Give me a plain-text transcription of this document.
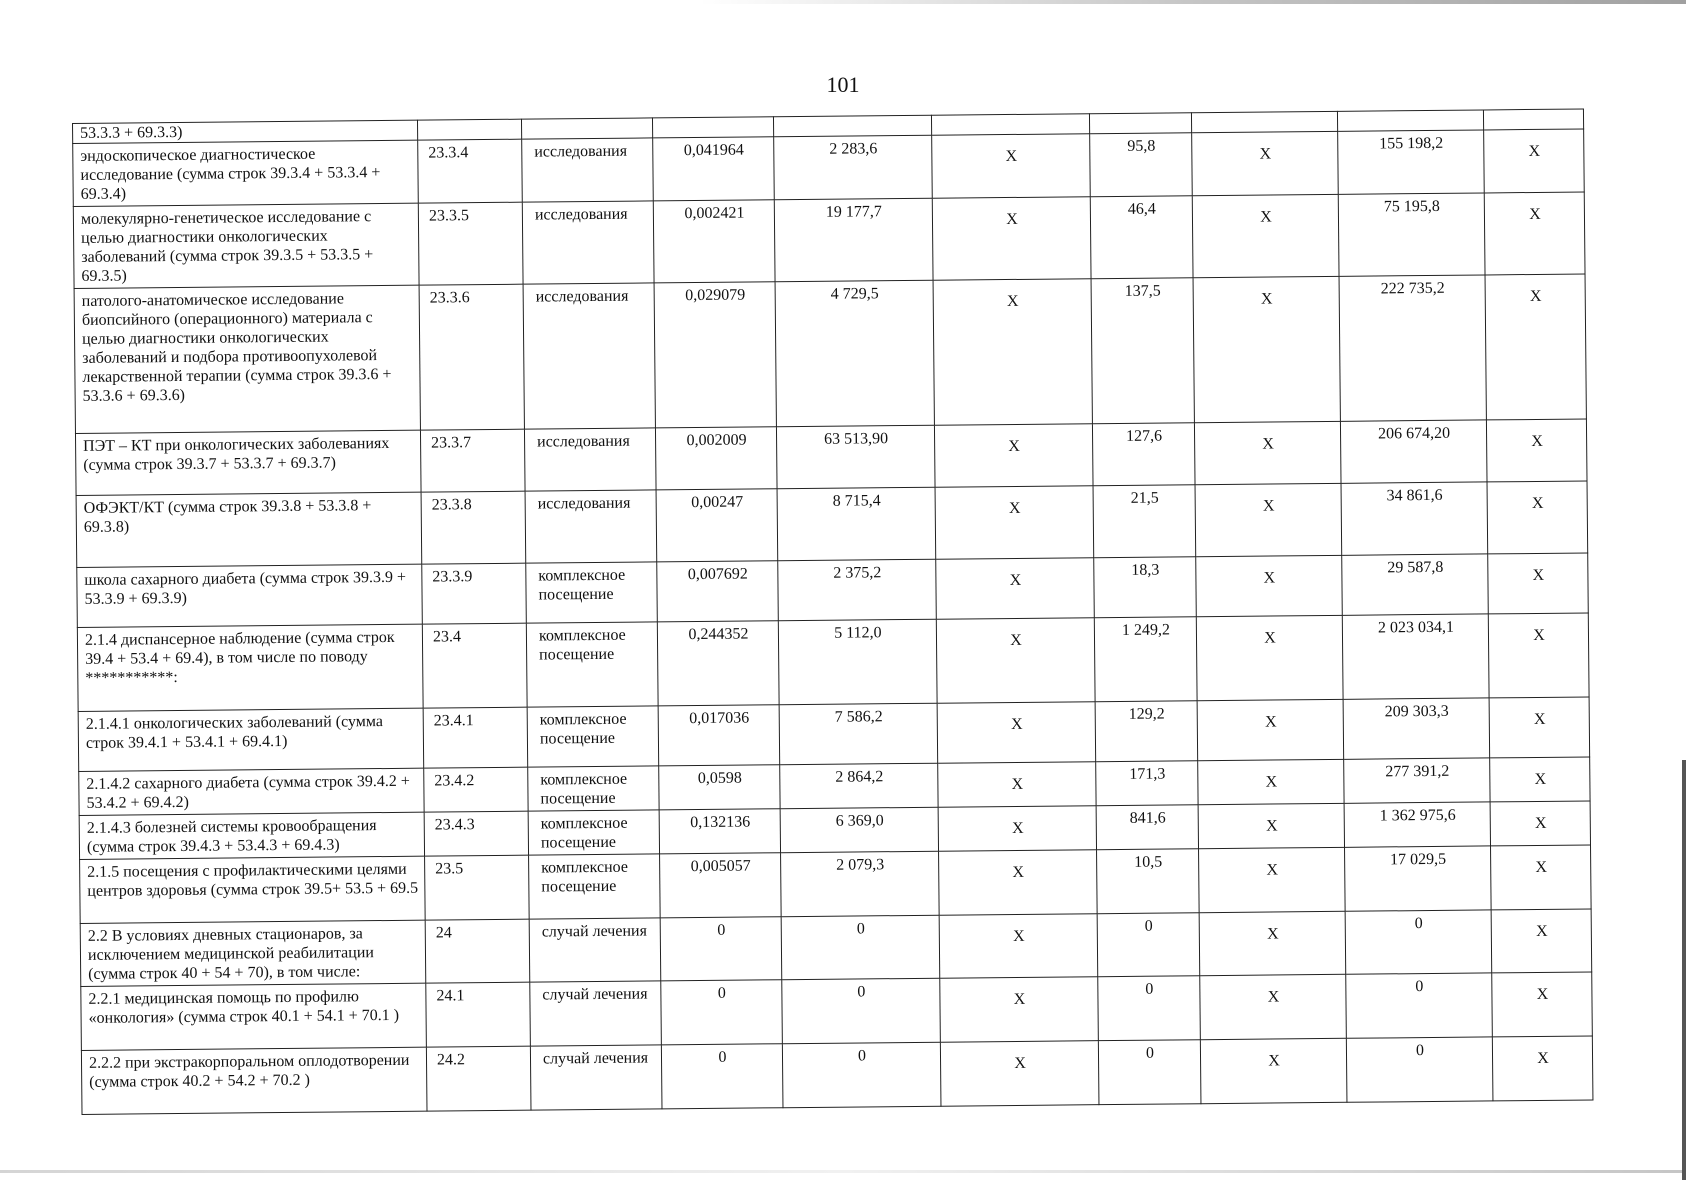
101
53.3.3 + 69.3.3)									
эндоскопическое диагностическое исследование (сумма строк 39.3.4 + 53.3.4 + 69.3.4)	23.3.4	исследования	0,041964	2 283,6	X	95,8	X	155 198,2	X
молекулярно-генетическое исследование с целью диагностики онкологических заболеваний (сумма строк 39.3.5 + 53.3.5 + 69.3.5)	23.3.5	исследования	0,002421	19 177,7	X	46,4	X	75 195,8	X
патолого-анатомическое исследование биопсийного (операционного) материала с целью диагностики онкологических заболеваний и подбора противоопухолевой лекарственной терапии (сумма строк 39.3.6 + 53.3.6 + 69.3.6)	23.3.6	исследования	0,029079	4 729,5	X	137,5	X	222 735,2	X
ПЭТ – КТ при онкологических заболеваниях (сумма строк 39.3.7 + 53.3.7 + 69.3.7)	23.3.7	исследования	0,002009	63 513,90	X	127,6	X	206 674,20	X
ОФЭКТ/КТ (сумма строк 39.3.8 + 53.3.8 + 69.3.8)	23.3.8	исследования	0,00247	8 715,4	X	21,5	X	34 861,6	X
школа сахарного диабета (сумма строк 39.3.9 + 53.3.9 + 69.3.9)	23.3.9	комплексное посещение	0,007692	2 375,2	X	18,3	X	29 587,8	X
2.1.4 диспансерное наблюдение (сумма строк 39.4 + 53.4 + 69.4), в том числе по поводу ***********:	23.4	комплексное посещение	0,244352	5 112,0	X	1 249,2	X	2 023 034,1	X
2.1.4.1 онкологических заболеваний (сумма строк 39.4.1 + 53.4.1 + 69.4.1)	23.4.1	комплексное посещение	0,017036	7 586,2	X	129,2	X	209 303,3	X
2.1.4.2 сахарного диабета (сумма строк 39.4.2 + 53.4.2 + 69.4.2)	23.4.2	комплексное посещение	0,0598	2 864,2	X	171,3	X	277 391,2	X
2.1.4.3 болезней системы кровообращения (сумма строк 39.4.3 + 53.4.3 + 69.4.3)	23.4.3	комплексное посещение	0,132136	6 369,0	X	841,6	X	1 362 975,6	X
2.1.5 посещения с профилактическими целями центров здоровья (сумма строк 39.5+ 53.5 + 69.5	23.5	комплексное посещение	0,005057	2 079,3	X	10,5	X	17 029,5	X
2.2 В условиях дневных стационаров, за исключением медицинской реабилитации (сумма строк 40 + 54 + 70), в том числе:	24	случай лечения	0	0	X	0	X	0	X
2.2.1 медицинская помощь по профилю «онкология» (сумма строк 40.1 + 54.1 + 70.1 )	24.1	случай лечения	0	0	X	0	X	0	X
2.2.2 при экстракорпоральном оплодотворении (сумма строк 40.2 + 54.2 + 70.2 )	24.2	случай лечения	0	0	X	0	X	0	X
